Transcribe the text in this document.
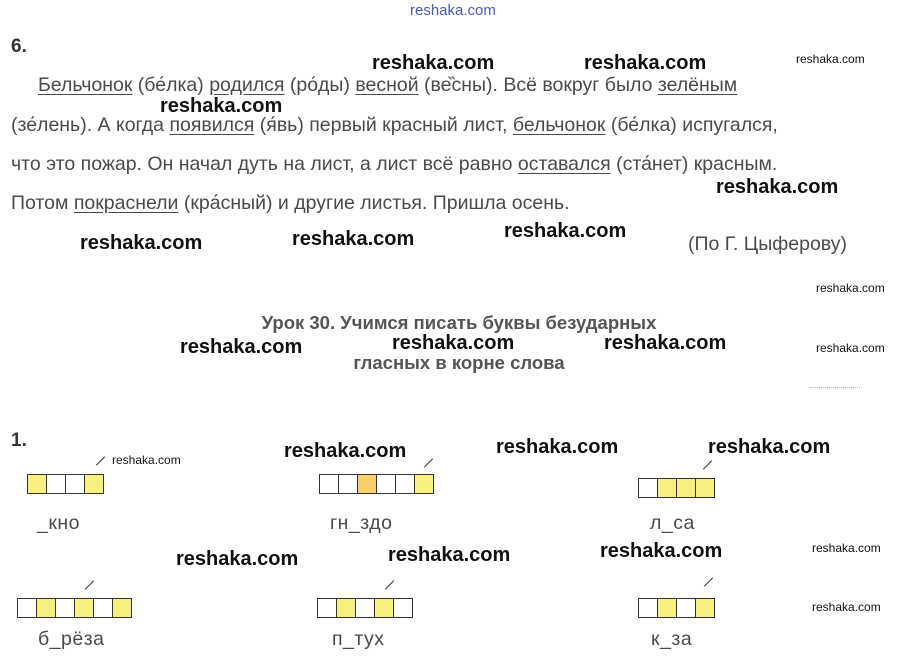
reshaka.com
6.
Бельчонок (бе́лка) родился (ро́ды) весной (ве̏сны). Всё вокруг было зелёным
(зе́лень). А когда появился (я́вь) первый красный лист, бельчонок (бе́лка) испугался,
что это пожар. Он начал дуть на лист, а лист всё равно оставался (ста́нет) красным.
Потом покраснели (кра́сный) и другие листья. Пришла осень.
(По Г. Цыферову)
Урок 30. Учимся писать буквы безударных
гласных в корне слова
1.
_кно	гн_здо	л_са
б_рёза	п_тух	к_за
reshaka.com	reshaka.com	reshaka.com
reshaka.com
reshaka.com
reshaka.com	reshaka.com	reshaka.com
reshaka.com
reshaka.com	reshaka.com	reshaka.com	reshaka.com
reshaka.com	reshaka.com	reshaka.com	reshaka.com
reshaka.com	reshaka.com	reshaka.com	reshaka.com
reshaka.com
